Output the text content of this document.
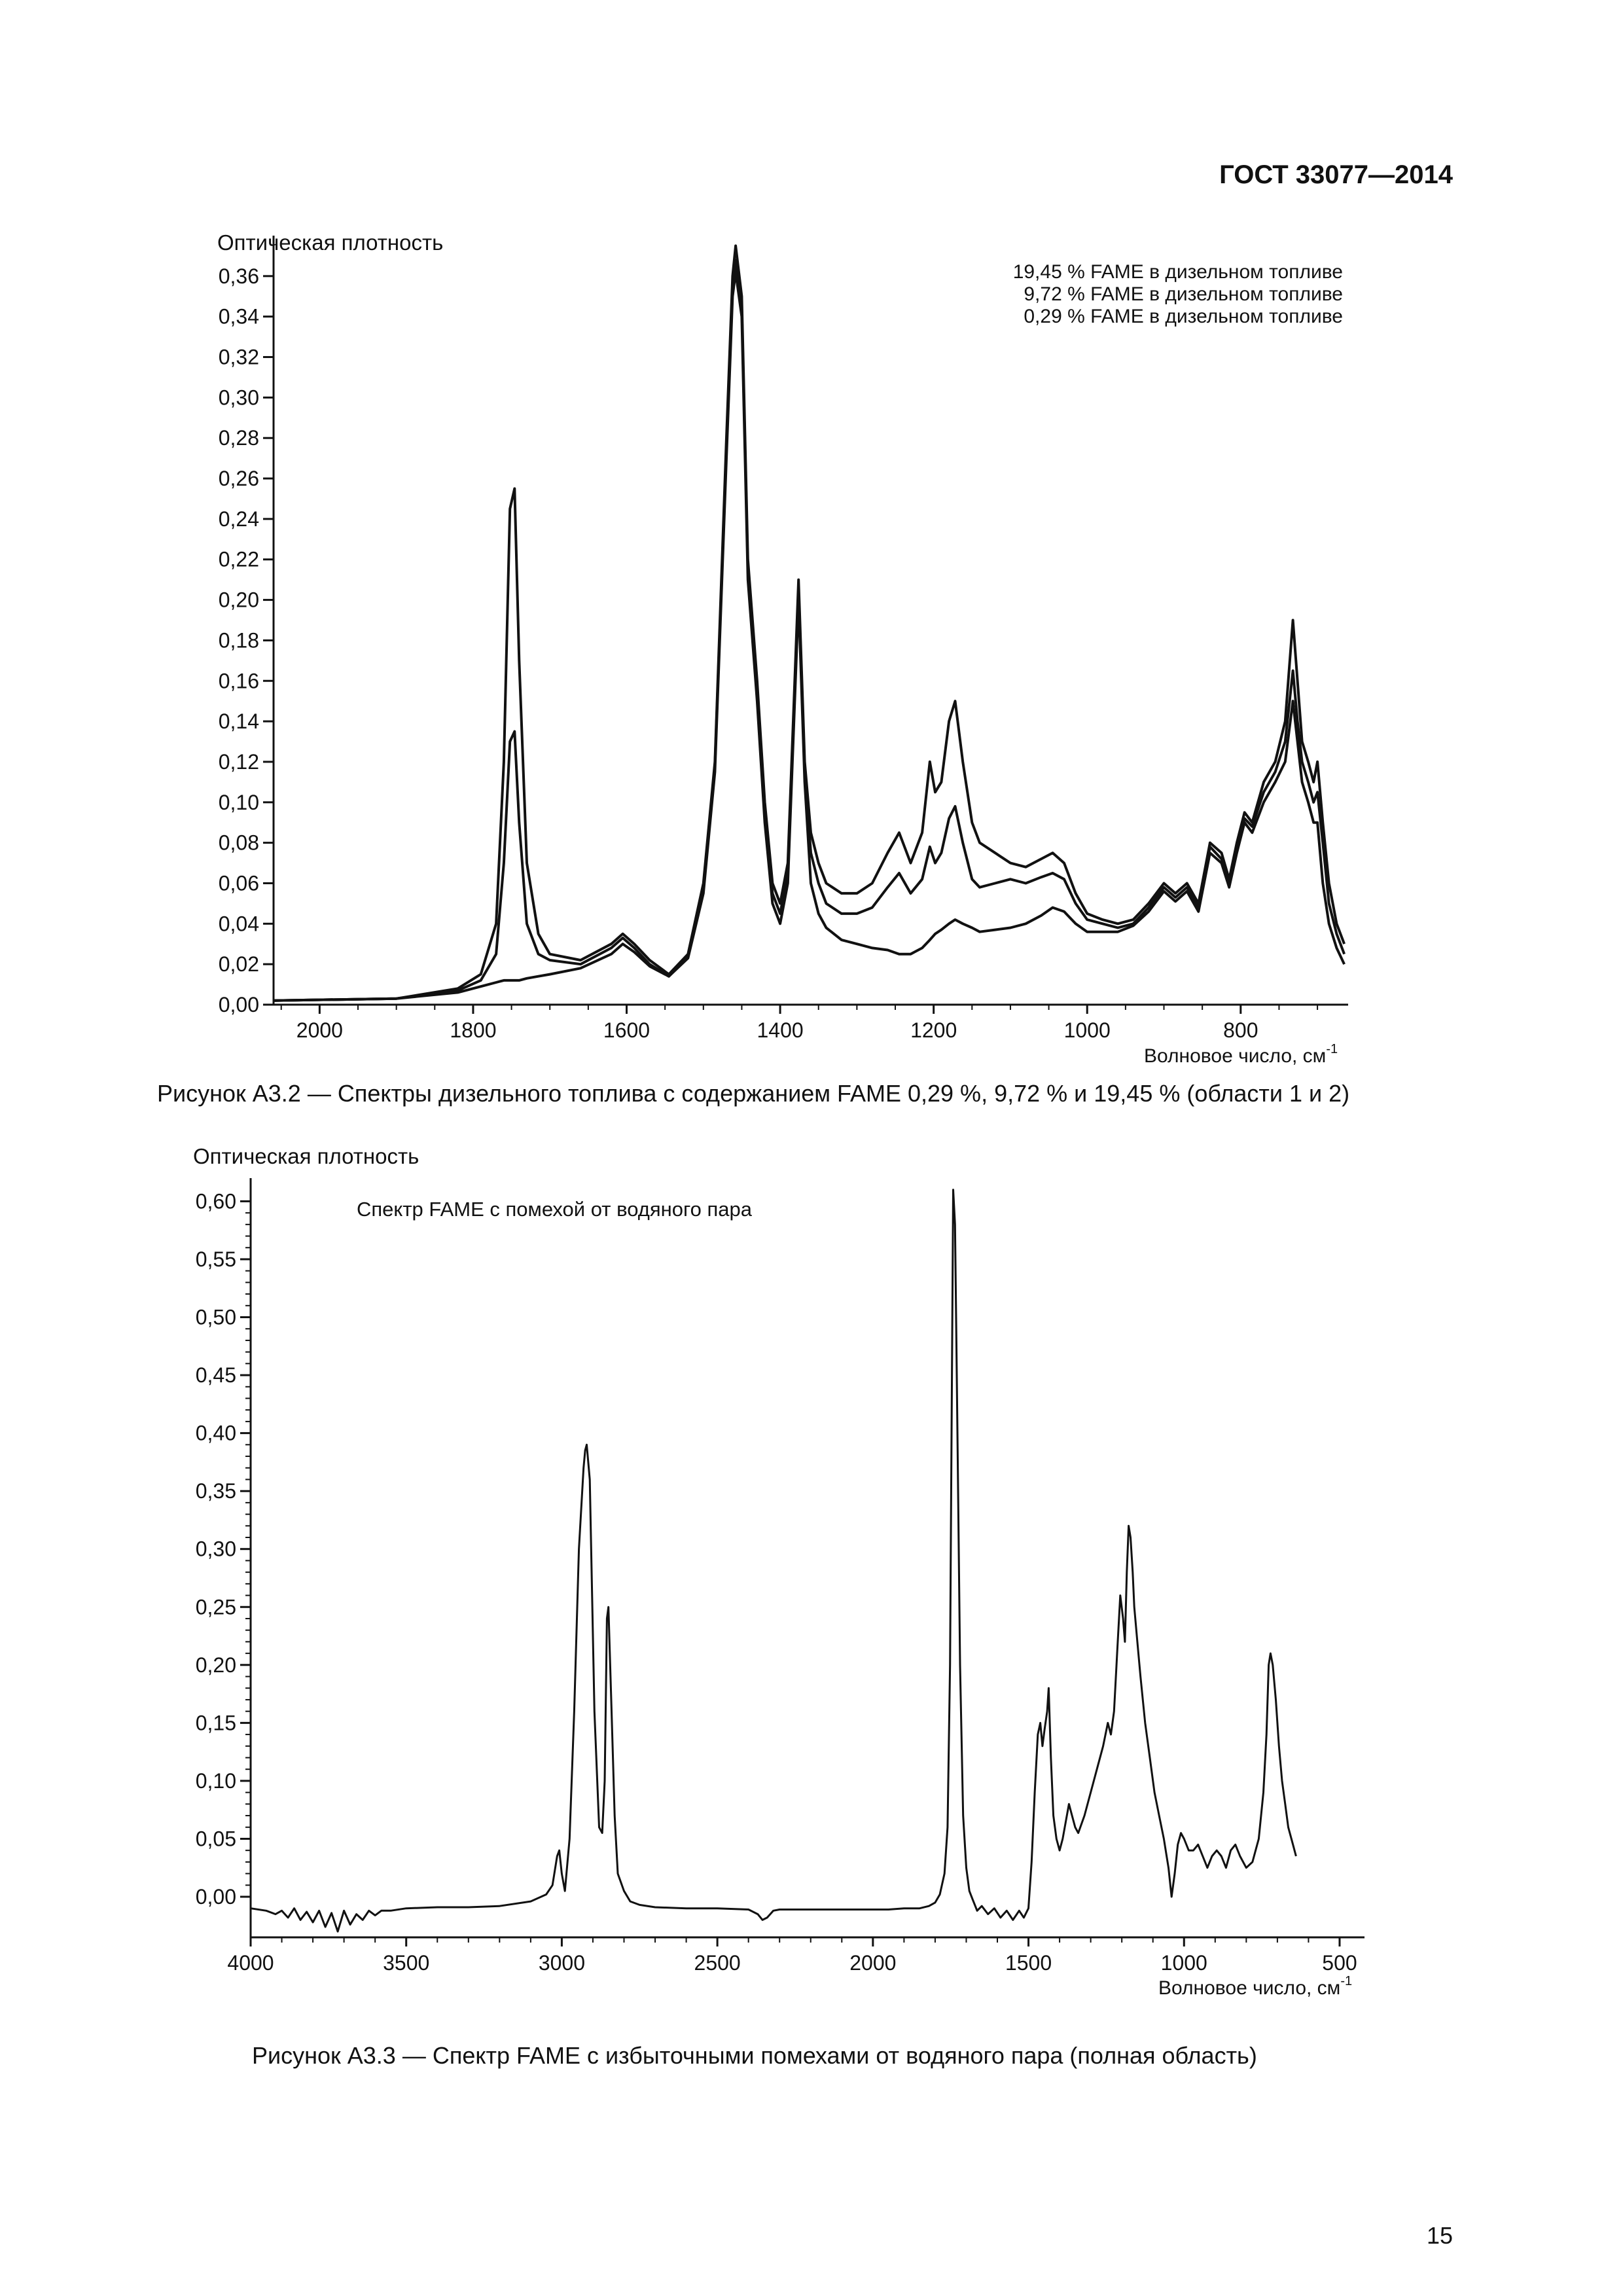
ГОСТ 33077—2014
0,00
0,02
0,04
0,06
0,08
0,10
0,12
0,14
0,16
0,18
0,20
0,22
0,24
0,26
0,28
0,30
0,32
0,34
0,36
2000	1800	1600	1400	1200	1000	800
Оптическая плотность
Волновое число, $см^{-1}$
19,45 % FAME в дизельном топливе
9,72 % FAME в дизельном топливе
0,29 % FAME в дизельном топливе
Рисунок А3.2 — Спектры дизельного топлива с содержанием FAME 0,29 %, 9,72 % и 19,45 % (области 1 и 2)
0,00
0,05
0,10
0,15
0,20
0,25
0,30
0,35
0,40
0,45
0,50
0,55
0,60
4000	3500	3000	2500	2000	1500	1000	500
Оптическая плотность
Спектр FAME с помехой от водяного пара
Волновое число, $см^{-1}$
Рисунок А3.3 — Спектр FAME с избыточными помехами от водяного пара (полная область)
15
